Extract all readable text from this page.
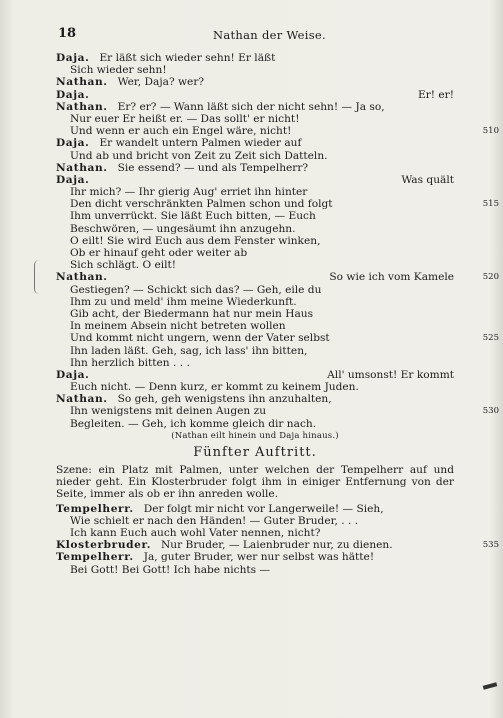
18	Nathan der Weise.
Daja. Er läßt sich wieder sehn! Er läßt
Sich wieder sehn!
Nathan. Wer, Daja? wer?
Daja.	Er! er!
Nathan. Er? er? — Wann läßt sich der nicht sehn! — Ja so,
Nur euer Er heißt er. — Das sollt' er nicht!
Und wenn er auch ein Engel wäre, nicht!	510
Daja. Er wandelt untern Palmen wieder auf
Und ab und bricht von Zeit zu Zeit sich Datteln.
Nathan. Sie essend? — und als Tempelherr?
Daja.	Was quält
Ihr mich? — Ihr gierig Aug' erriet ihn hinter
Den dicht verschränkten Palmen schon und folgt	515
Ihm unverrückt. Sie läßt Euch bitten, — Euch
Beschwören, — ungesäumt ihn anzugehn.
O eilt! Sie wird Euch aus dem Fenster winken,
Ob er hinauf geht oder weiter ab
Sich schlägt. O eilt!
Nathan.	So wie ich vom Kamele	520
Gestiegen? — Schickt sich das? — Geh, eile du
Ihm zu und meld' ihm meine Wiederkunft.
Gib acht, der Biedermann hat nur mein Haus
In meinem Absein nicht betreten wollen
Und kommt nicht ungern, wenn der Vater selbst	525
Ihn laden läßt. Geh, sag, ich lass' ihn bitten,
Ihn herzlich bitten . . .
Daja.	All' umsonst! Er kommt
Euch nicht. — Denn kurz, er kommt zu keinem Juden.
Nathan. So geh, geh wenigstens ihn anzuhalten,
Ihn wenigstens mit deinen Augen zu	530
Begleiten. — Geh, ich komme gleich dir nach.
(Nathan eilt hinein und Daja hinaus.)
Fünfter Auftritt.
Szene: ein Platz mit Palmen, unter welchen der Tempelherr auf und nieder geht. Ein Klosterbruder folgt ihm in einiger Entfernung von der Seite, immer als ob er ihn anreden wolle.
Tempelherr. Der folgt mir nicht vor Langerweile! — Sieh,
Wie schielt er nach den Händen! — Guter Bruder, . . .
Ich kann Euch auch wohl Vater nennen, nicht?
Klosterbruder. Nur Bruder, — Laienbruder nur, zu dienen.	535
Tempelherr. Ja, guter Bruder, wer nur selbst was hätte!
Bei Gott! Bei Gott! Ich habe nichts —
